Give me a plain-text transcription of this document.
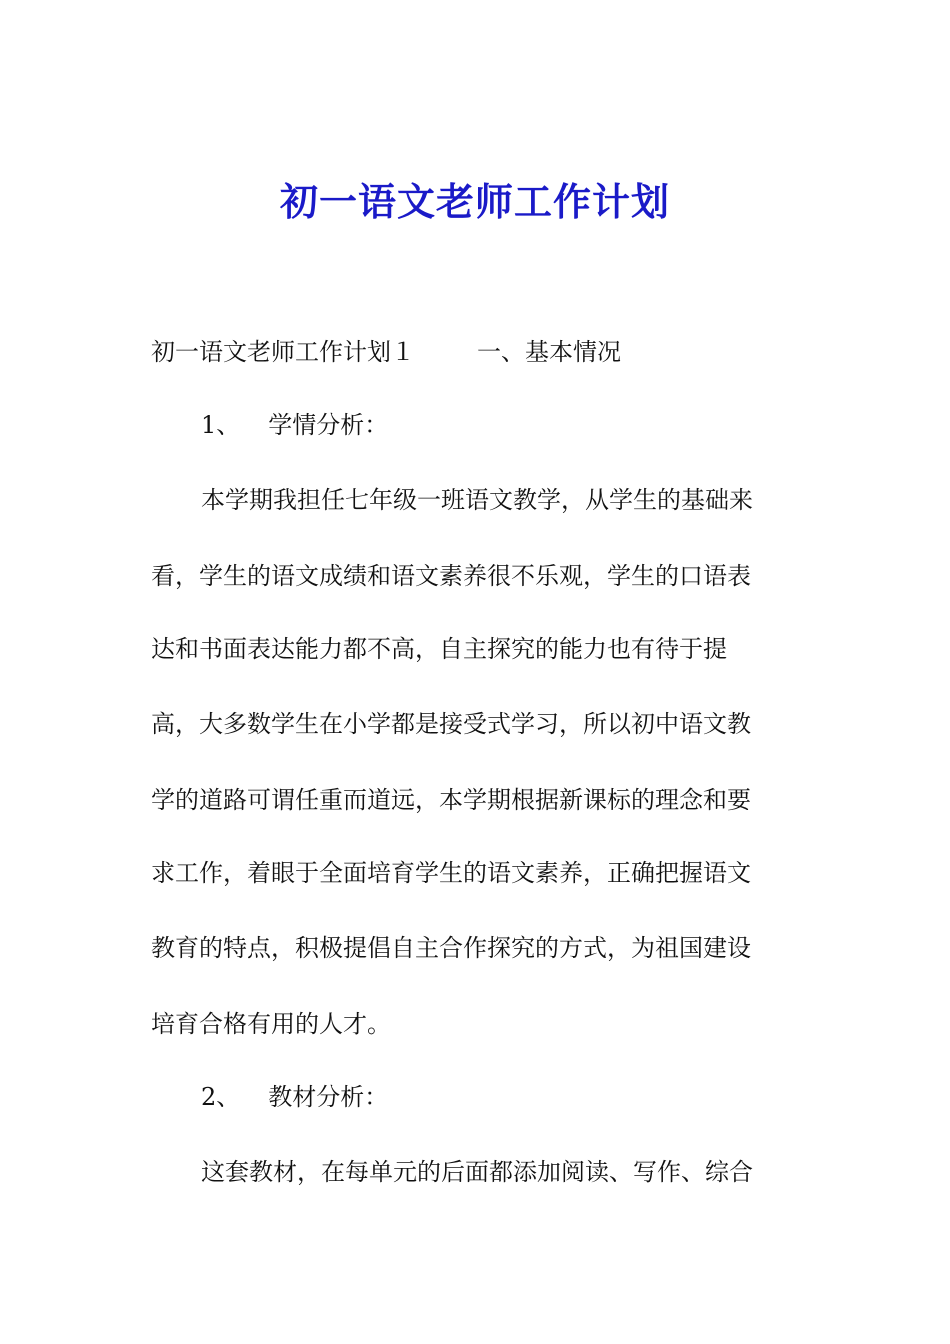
初一语文老师工作计划
初一语文老师工作计划１	一、基本情况
1、 学情分析：
本学期我担任七年级一班语文教学，从学生的基础来
看，学生的语文成绩和语文素养很不乐观，学生的口语表
达和书面表达能力都不高，自主探究的能力也有待于提
高，大多数学生在小学都是接受式学习，所以初中语文教
学的道路可谓任重而道远，本学期根据新课标的理念和要
求工作，着眼于全面培育学生的语文素养，正确把握语文
教育的特点，积极提倡自主合作探究的方式，为祖国建设
培育合格有用的人才。
2、 教材分析：
这套教材，在每单元的后面都添加阅读、写作、综合
